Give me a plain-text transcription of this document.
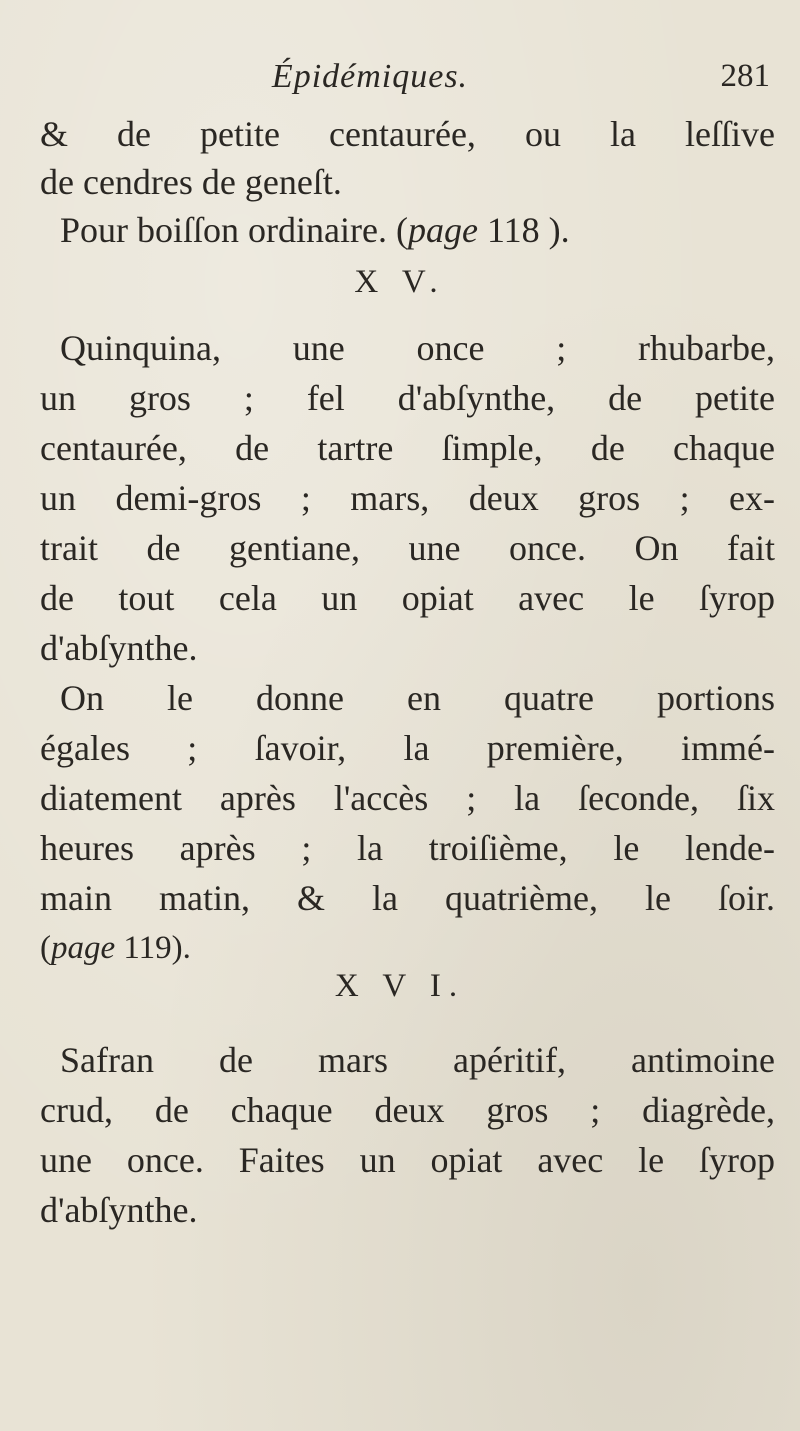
Épidémiques.	281
& de petite centaurée, ou la leſſive
de cendres de geneſt.
Pour boiſſon ordinaire. (page 118 ).
X V.
Quinquina, une once ; rhubarbe,
un gros ; fel d'abſynthe, de petite
centaurée, de tartre ſimple, de chaque
un demi-gros ; mars, deux gros ; ex-
trait de gentiane, une once. On fait
de tout cela un opiat avec le ſyrop
d'abſynthe.
On le donne en quatre portions
égales ; ſavoir, la première, immé-
diatement après l'accès ; la ſeconde, ſix
heures après ; la troiſième, le lende-
main matin, & la quatrième, le ſoir.
(page 119).
X V I.
Safran de mars apéritif, antimoine
crud, de chaque deux gros ; diagrède,
une once. Faites un opiat avec le ſyrop
d'abſynthe.
